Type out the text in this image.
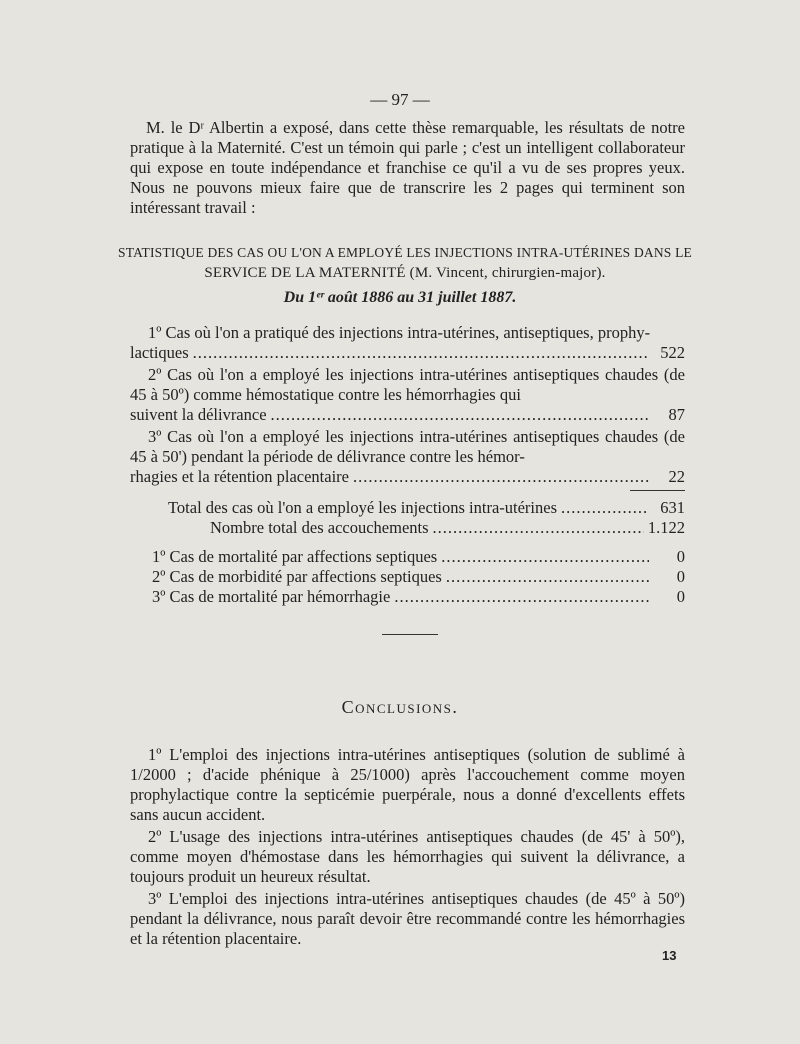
— 97 —

M. le Dʳ Albertin a exposé, dans cette thèse remarquable, les résultats de notre pratique à la Maternité. C'est un témoin qui parle ; c'est un intelligent collaborateur qui expose en toute indépendance et franchise ce qu'il a vu de ses propres yeux. Nous ne pouvons mieux faire que de transcrire les 2 pages qui terminent son intéressant travail :

STATISTIQUE DES CAS OU L'ON A EMPLOYÉ LES INJECTIONS INTRA-UTÉRINES DANS LE
SERVICE DE LA MATERNITÉ (M. Vincent, chirurgien-major).
Du 1ᵉʳ août 1886 au 31 juillet 1887.
1º Cas où l'on a pratiqué des injections intra-utérines, antiseptiques, prophy-
lactiques .....	522
2º Cas où l'on a employé les injections intra-utérines antiseptiques chaudes (de 45 à 50º) comme hémostatique contre les hémorrhagies qui
suivent la délivrance .....	87
3º Cas où l'on a employé les injections intra-utérines antiseptiques chaudes (de 45 à 50') pendant la période de délivrance contre les hémor-
rhagies et la rétention placentaire .....	22
Total des cas où l'on a employé les injections intra-utérines .....	631
Nombre total des accouchements .....	1.122
1º Cas de mortalité par affections septiques .....	0
2º Cas de morbidité par affections septiques .....	0
3º Cas de mortalité par hémorrhagie .....	0
Conclusions.

1º L'emploi des injections intra-utérines antiseptiques (solution de sublimé à 1/2000 ; d'acide phénique à 25/1000) après l'accouchement comme moyen prophylactique contre la septicémie puerpérale, nous a donné d'excellents effets sans aucun accident.

2º L'usage des injections intra-utérines antiseptiques chaudes (de 45' à 50º), comme moyen d'hémostase dans les hémorrhagies qui suivent la délivrance, a toujours produit un heureux résultat.

3º L'emploi des injections intra-utérines antiseptiques chaudes (de 45º à 50º) pendant la délivrance, nous paraît devoir être recommandé contre les hémorrhagies et la rétention placentaire.

13
